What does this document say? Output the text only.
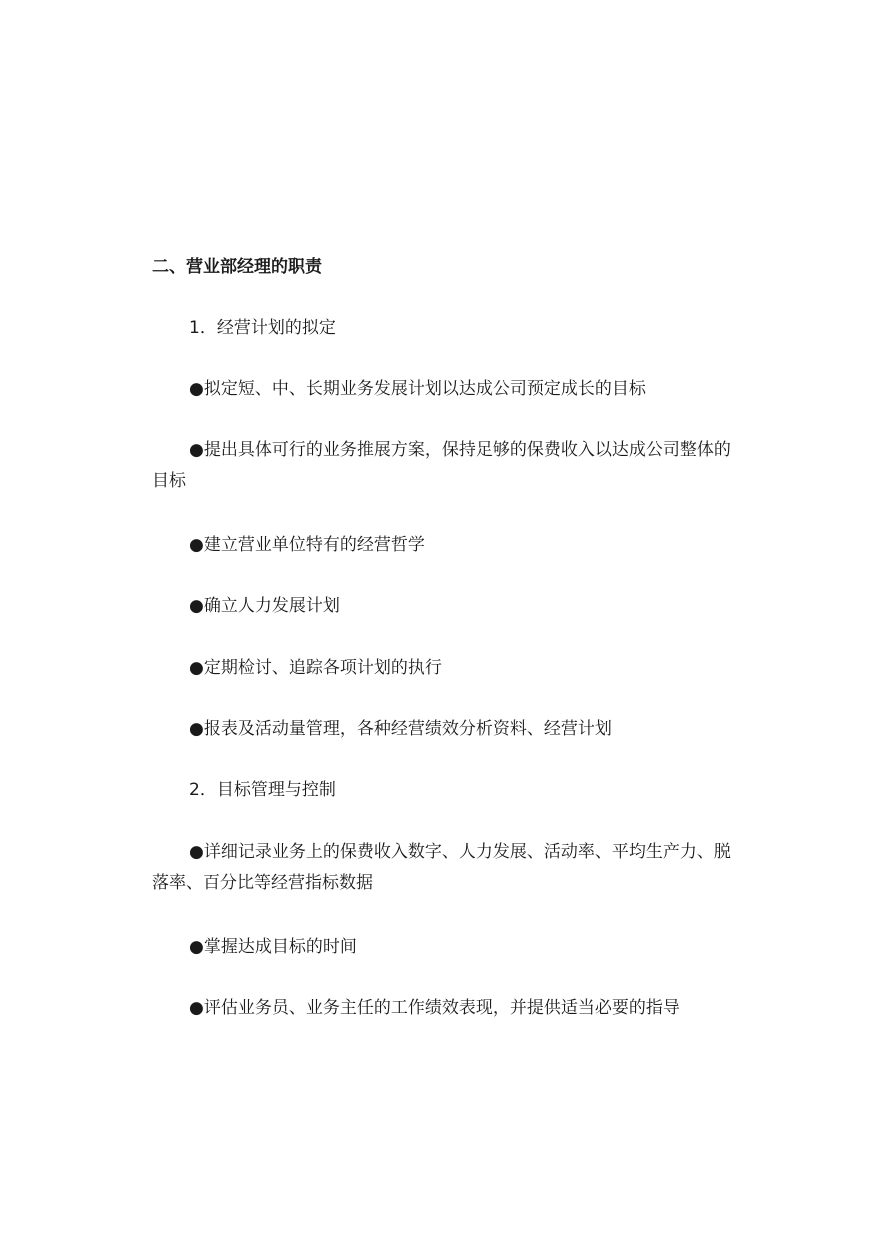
二、营业部经理的职责

1．经营计划的拟定

●拟定短、中、长期业务发展计划以达成公司预定成长的目标

●提出具体可行的业务推展方案，保持足够的保费收入以达成公司整体的目标

●建立营业单位特有的经营哲学

●确立人力发展计划

●定期检讨、追踪各项计划的执行

●报表及活动量管理，各种经营绩效分析资料、经营计划

2．目标管理与控制

●详细记录业务上的保费收入数字、人力发展、活动率、平均生产力、脱落率、百分比等经营指标数据

●掌握达成目标的时间

●评估业务员、业务主任的工作绩效表现，并提供适当必要的指导
